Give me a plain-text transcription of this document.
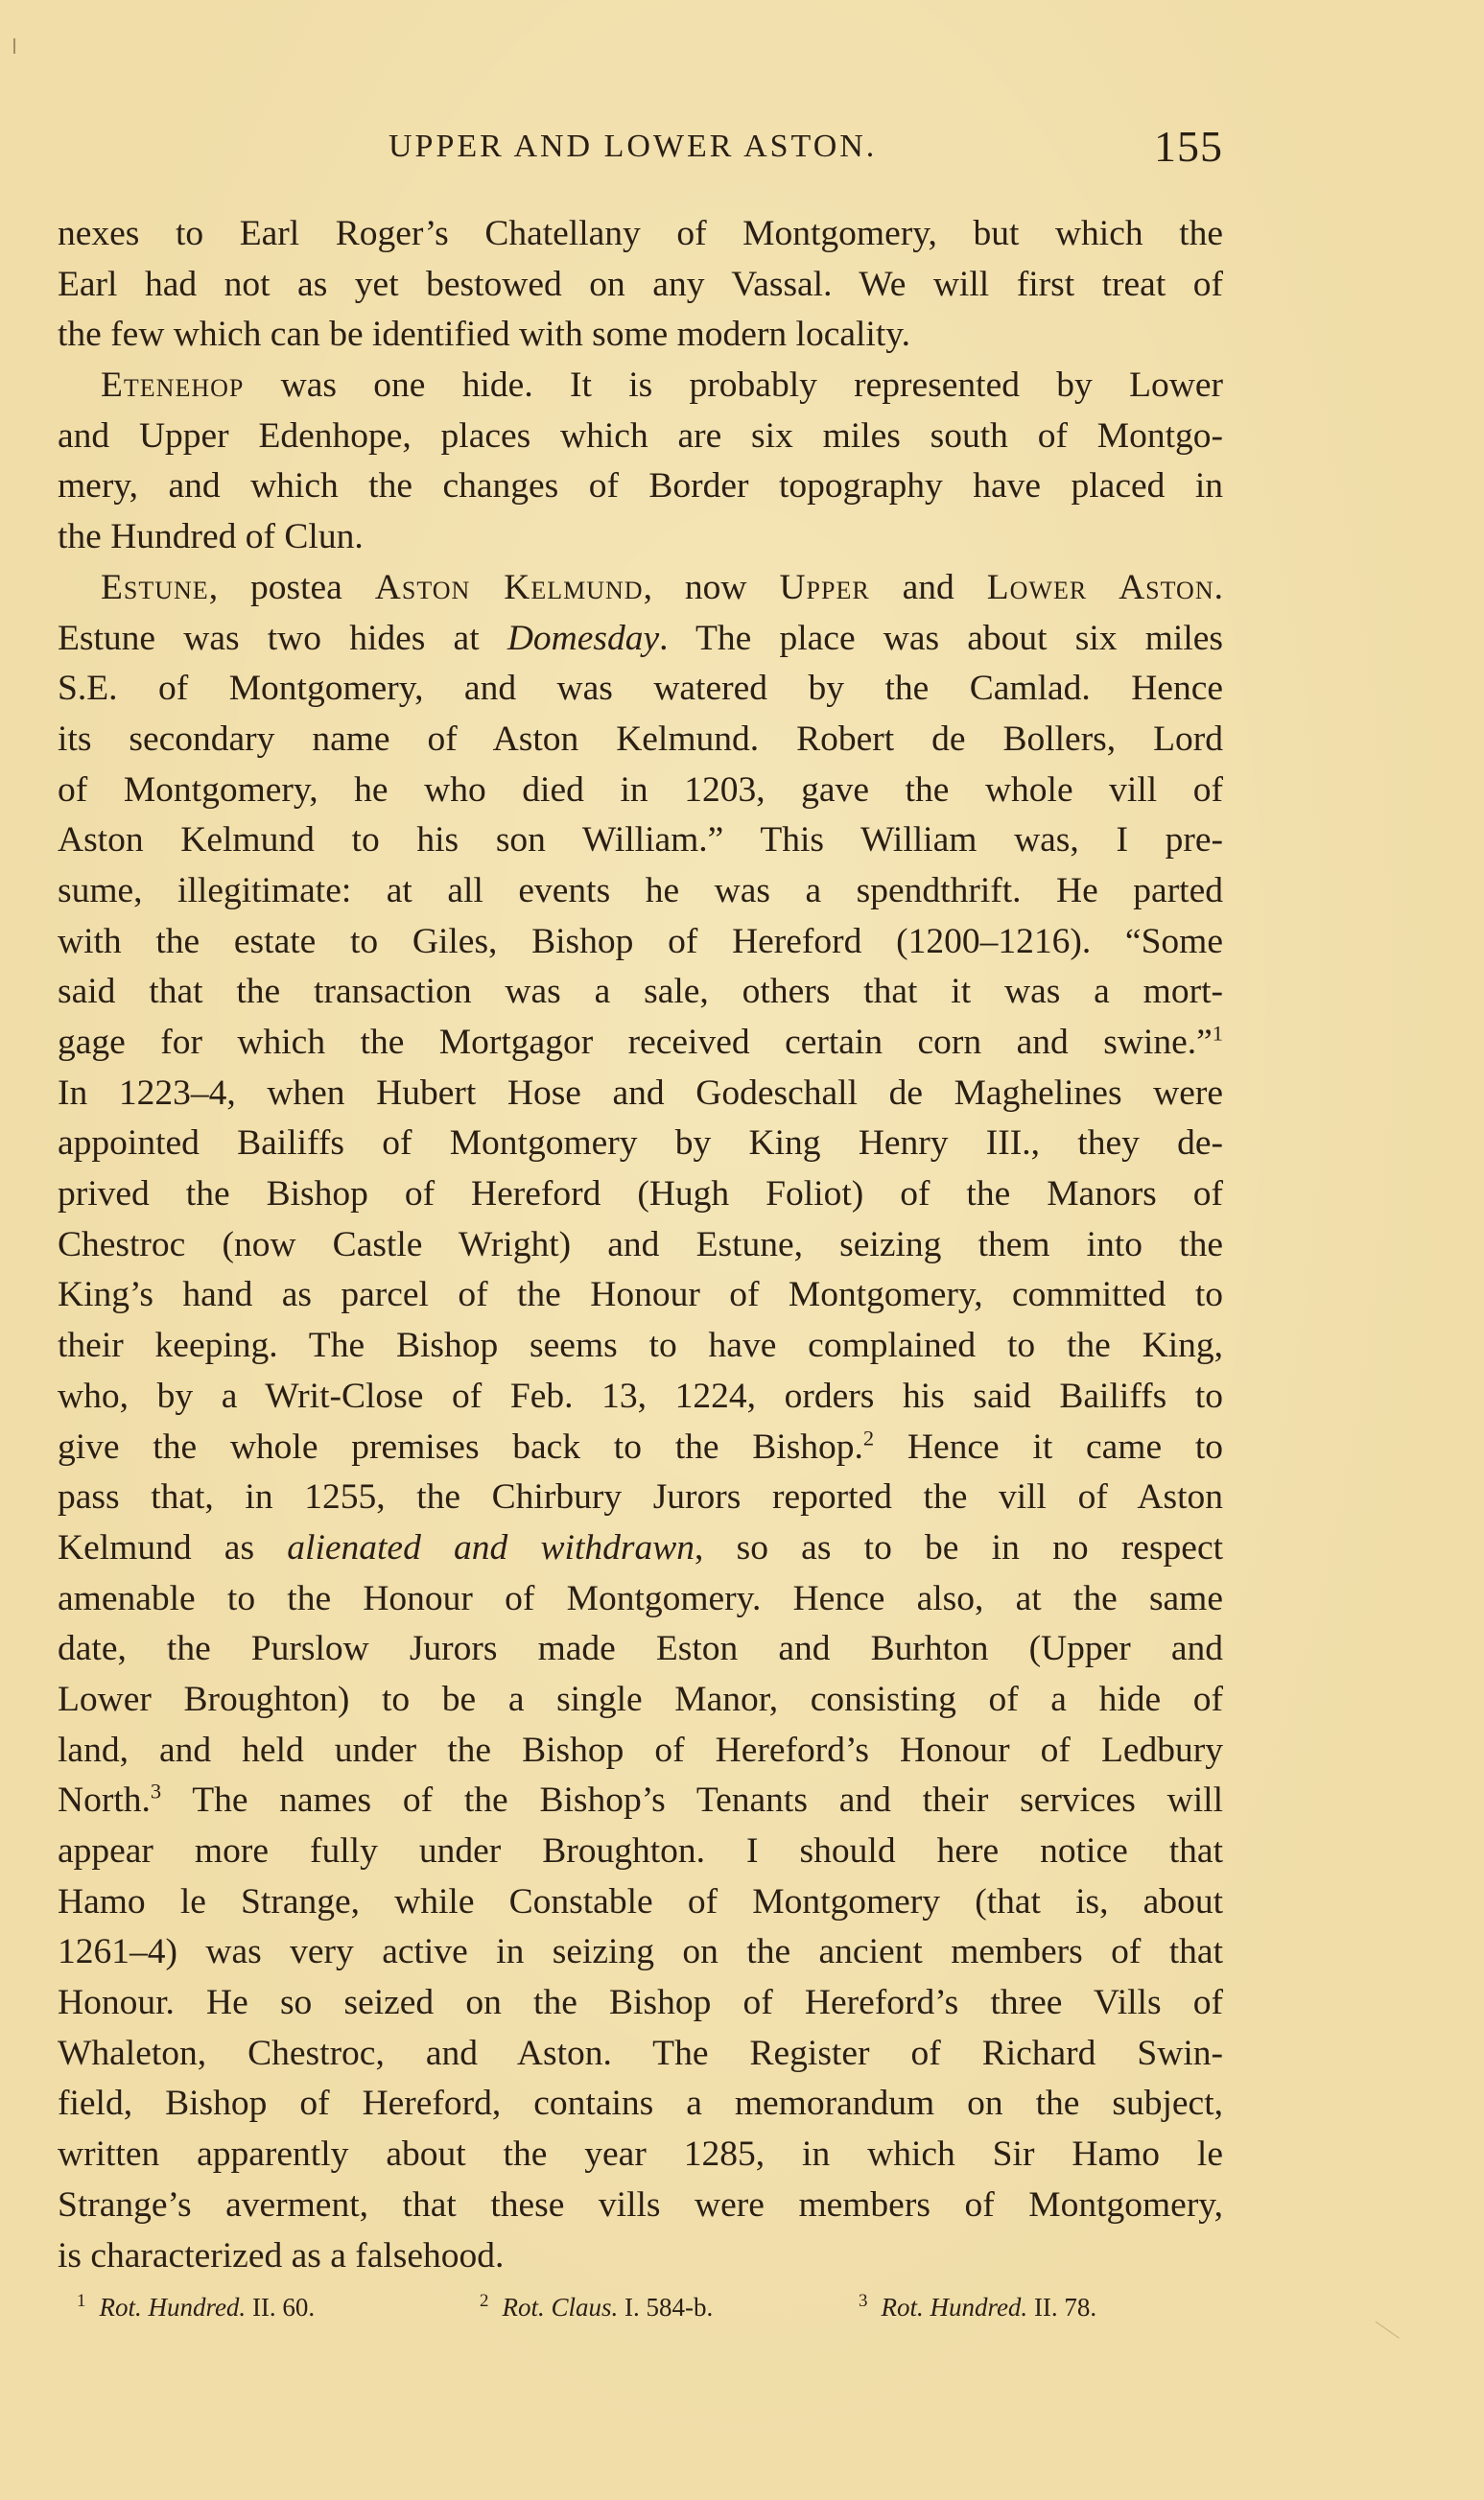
UPPER AND LOWER ASTON.	155
nexes to Earl Roger’s Chatellany of Montgomery, but which the
Earl had not as yet bestowed on any Vassal. We will first treat of
the few which can be identified with some modern locality.
Etenehop was one hide. It is probably represented by Lower
and Upper Edenhope, places which are six miles south of Montgo-
mery, and which the changes of Border topography have placed in
the Hundred of Clun.
Estune, postea Aston Kelmund, now Upper and Lower Aston.
Estune was two hides at Domesday. The place was about six miles
S.E. of Montgomery, and was watered by the Camlad. Hence
its secondary name of Aston Kelmund. Robert de Bollers, Lord
of Montgomery, he who died in 1203, gave the whole vill of
Aston Kelmund to his son William.” This William was, I pre-
sume, illegitimate: at all events he was a spendthrift. He parted
with the estate to Giles, Bishop of Hereford (1200–1216). “Some
said that the transaction was a sale, others that it was a mort-
gage for which the Mortgagor received certain corn and swine.”$^1$
In 1223–4, when Hubert Hose and Godeschall de Maghelines were
appointed Bailiffs of Montgomery by King Henry III., they de-
prived the Bishop of Hereford (Hugh Foliot) of the Manors of
Chestroc (now Castle Wright) and Estune, seizing them into the
King’s hand as parcel of the Honour of Montgomery, committed to
their keeping. The Bishop seems to have complained to the King,
who, by a Writ-Close of Feb. 13, 1224, orders his said Bailiffs to
give the whole premises back to the Bishop.$^2$ Hence it came to
pass that, in 1255, the Chirbury Jurors reported the vill of Aston
Kelmund as alienated and withdrawn, so as to be in no respect
amenable to the Honour of Montgomery. Hence also, at the same
date, the Purslow Jurors made Eston and Burhton (Upper and
Lower Broughton) to be a single Manor, consisting of a hide of
land, and held under the Bishop of Hereford’s Honour of Ledbury
North.$^3$ The names of the Bishop’s Tenants and their services will
appear more fully under Broughton. I should here notice that
Hamo le Strange, while Constable of Montgomery (that is, about
1261–4) was very active in seizing on the ancient members of that
Honour. He so seized on the Bishop of Hereford’s three Vills of
Whaleton, Chestroc, and Aston. The Register of Richard Swin-
field, Bishop of Hereford, contains a memorandum on the subject,
written apparently about the year 1285, in which Sir Hamo le
Strange’s averment, that these vills were members of Montgomery,
is characterized as a falsehood.
$^1$ Rot. Hundred. II. 60.	$^2$ Rot. Claus. I. 584-b.	$^3$ Rot. Hundred. II. 78.
